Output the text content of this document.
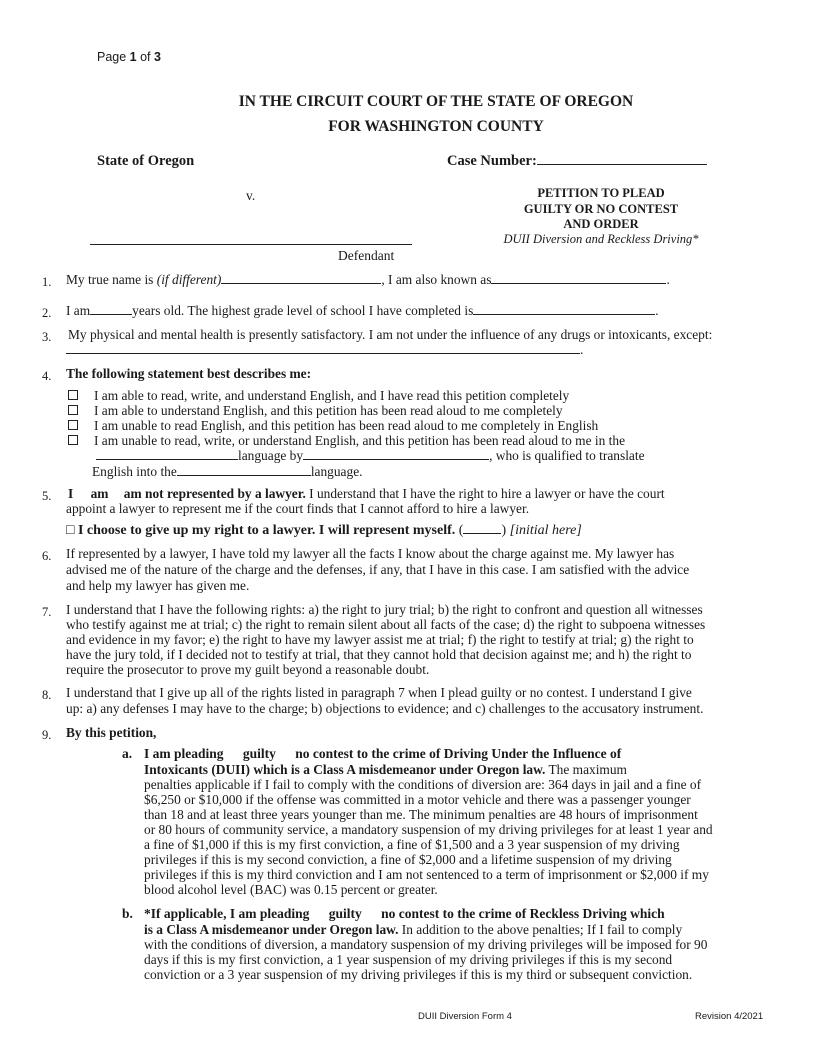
Page 1 of 3
IN THE CIRCUIT COURT OF THE STATE OF OREGON
FOR WASHINGTON COUNTY
State of Oregon	Case Number:
v.	PETITION TO PLEAD
GUILTY OR NO CONTEST
AND ORDER
DUII Diversion and Reckless Driving*
Defendant
1. My true name is (if different)	, I am also known as	.
2. I am	years old. The highest grade level of school I have completed is	.
3. My physical and mental health is presently satisfactory. I am not under the influence of any drugs or intoxicants, except:
.
4. The following statement best describes me:
I am able to read, write, and understand English, and I have read this petition completely
I am able to understand English, and this petition has been read aloud to me completely
I am unable to read English, and this petition has been read aloud to me completely in English
I am unable to read, write, or understand English, and this petition has been read aloud to me in the
language by	, who is qualified to translate
English into the	language.
5. I am am not represented by a lawyer. I understand that I have the right to hire a lawyer or have the court
appoint a lawyer to represent me if the court finds that I cannot afford to hire a lawyer.
□ I choose to give up my right to a lawyer. I will represent myself. (	) [initial here]
6. If represented by a lawyer, I have told my lawyer all the facts I know about the charge against me. My lawyer has
advised me of the nature of the charge and the defenses, if any, that I have in this case. I am satisfied with the advice
and help my lawyer has given me.
7. I understand that I have the following rights: a) the right to jury trial; b) the right to confront and question all witnesses
who testify against me at trial; c) the right to remain silent about all facts of the case; d) the right to subpoena witnesses
and evidence in my favor; e) the right to have my lawyer assist me at trial; f) the right to testify at trial; g) the right to
have the jury told, if I decided not to testify at trial, that they cannot hold that decision against me; and h) the right to
require the prosecutor to prove my guilt beyond a reasonable doubt.
8. I understand that I give up all of the rights listed in paragraph 7 when I plead guilty or no contest. I understand I give
up: a) any defenses I may have to the charge; b) objections to evidence; and c) challenges to the accusatory instrument.
9. By this petition,
a. I am pleading guilty no contest to the crime of Driving Under the Influence of
Intoxicants (DUII) which is a Class A misdemeanor under Oregon law. The maximum
penalties applicable if I fail to comply with the conditions of diversion are: 364 days in jail and a fine of
$6,250 or $10,000 if the offense was committed in a motor vehicle and there was a passenger younger
than 18 and at least three years younger than me. The minimum penalties are 48 hours of imprisonment
or 80 hours of community service, a mandatory suspension of my driving privileges for at least 1 year and
a fine of $1,000 if this is my first conviction, a fine of $1,500 and a 3 year suspension of my driving
privileges if this is my second conviction, a fine of $2,000 and a lifetime suspension of my driving
privileges if this is my third conviction and I am not sentenced to a term of imprisonment or $2,000 if my
blood alcohol level (BAC) was 0.15 percent or greater.
b. *If applicable, I am pleading guilty no contest to the crime of Reckless Driving which
is a Class A misdemeanor under Oregon law. In addition to the above penalties; If I fail to comply
with the conditions of diversion, a mandatory suspension of my driving privileges will be imposed for 90
days if this is my first conviction, a 1 year suspension of my driving privileges if this is my second
conviction or a 3 year suspension of my driving privileges if this is my third or subsequent conviction.
DUII Diversion Form 4	Revision 4/2021
